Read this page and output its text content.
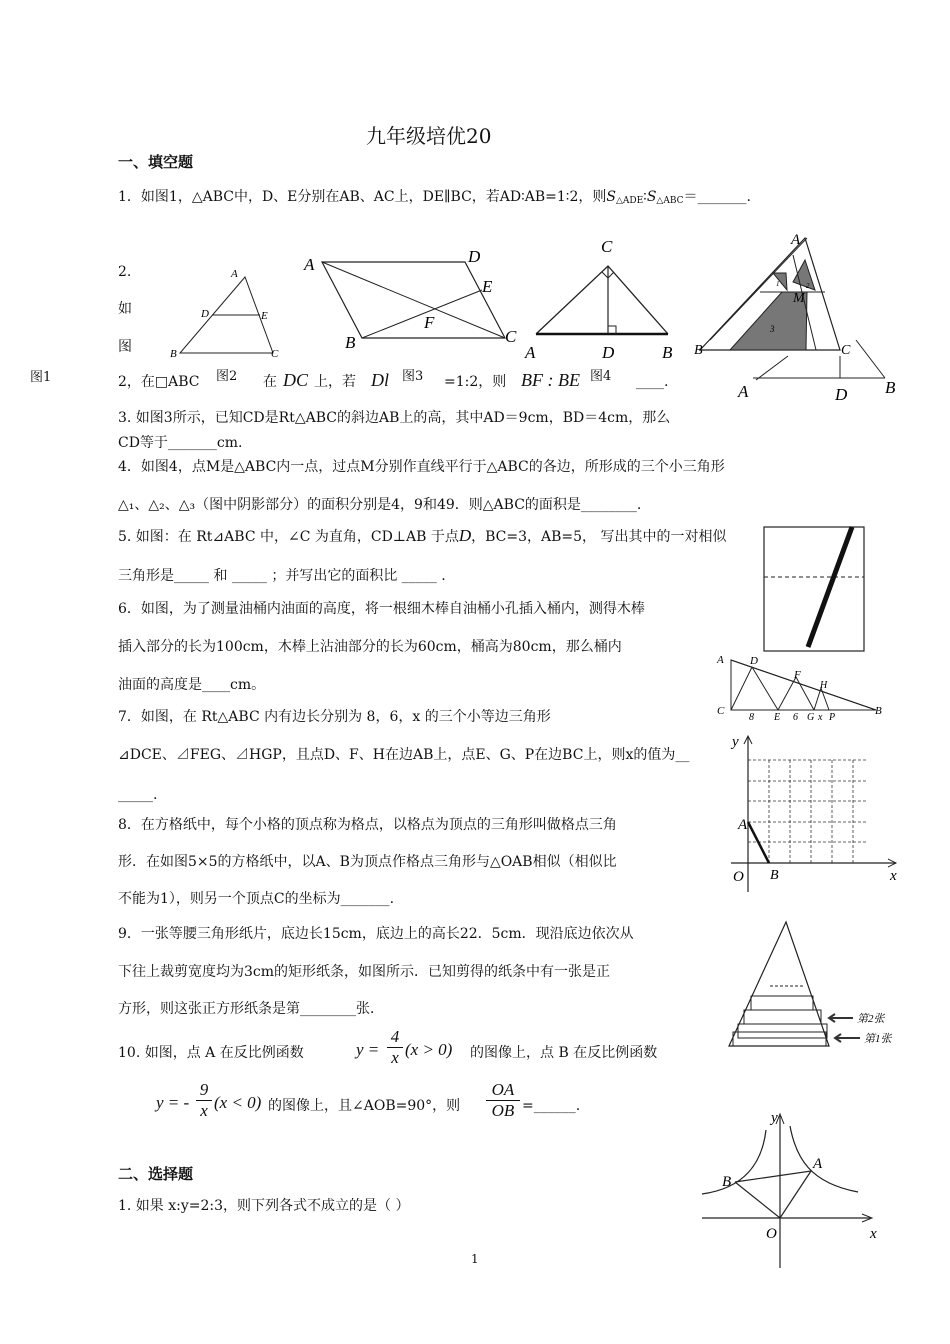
九年级培优20
一、填空题
1．如图1，△ABC中，D、E分别在AB、AC上，DE∥BC，若AD∶AB=1∶2，则$S_{\triangle ADE}∶S_{\triangle ABC}=\_\_\_\_\_\_\_$.
2.
如
图
2，在□ABC	在 DC 上，若 Dl	=1:2，则 BF : BE	____.
图1	图2	图3	图4
3. 如图3所示，已知CD是Rt△ABC的斜边AB上的高，其中AD＝9cm，BD＝4cm，那么
CD等于_______cm.
4．如图4，点M是△ABC内一点，过点M分别作直线平行于△ABC的各边，所形成的三个小三角形
△₁、△₂、△₃（图中阴影部分）的面积分别是4，9和49．则△ABC的面积是________.
5. 如图：在 Rt⊿ABC 中，∠C 为直角，CD⊥AB 于点D，BC=3，AB=5， 写出其中的一对相似
三角形是_____ 和 _____ ；并写出它的面积比 _____ .
6．如图，为了测量油桶内油面的高度，将一根细木棒自油桶小孔插入桶内，测得木棒
插入部分的长为100cm，木棒上沾油部分的长为60cm，桶高为80cm，那么桶内
油面的高度是____cm。
7．如图，在 Rt△ABC 内有边长分别为 8，6，x 的三个小等边三角形
⊿DCE、⊿FEG、⊿HGP，且点D、F、H在边AB上，点E、G、P在边BC上，则x的值为__
_____.
8．在方格纸中，每个小格的顶点称为格点，以格点为顶点的三角形叫做格点三角
形．在如图5×5的方格纸中，以A、B为顶点作格点三角形与△OAB相似（相似比
不能为1），则另一个顶点C的坐标为_______.
9．一张等腰三角形纸片，底边长15cm，底边上的高长22．5cm．现沿底边依次从
下往上裁剪宽度均为3cm的矩形纸条，如图所示．已知剪得的纸条中有一张是正
方形，则这张正方形纸条是第________张．
10. 如图，点 A 在反比例函数	$y = \frac{4}{x} (x > 0)$ 的图像上，点 B 在反比例函数
y = - $\frac{9}{x} (x < 0)$ 的图像上，且∠AOB=90°，则 $\frac{OA}{OB}$ =______.
二、选择题
1. 如果 x:y=2:3，则下列各式不成立的是（ ）
1
A
D	E
B	C
A	D
E
F
B	C
C
A	D	B
A
M
B	C
1	2
3
A	D B
A D
F
H
C
8 E 6 G x P
B
y
A
O B	x
第2张
第1张
y
A
B
O	x
